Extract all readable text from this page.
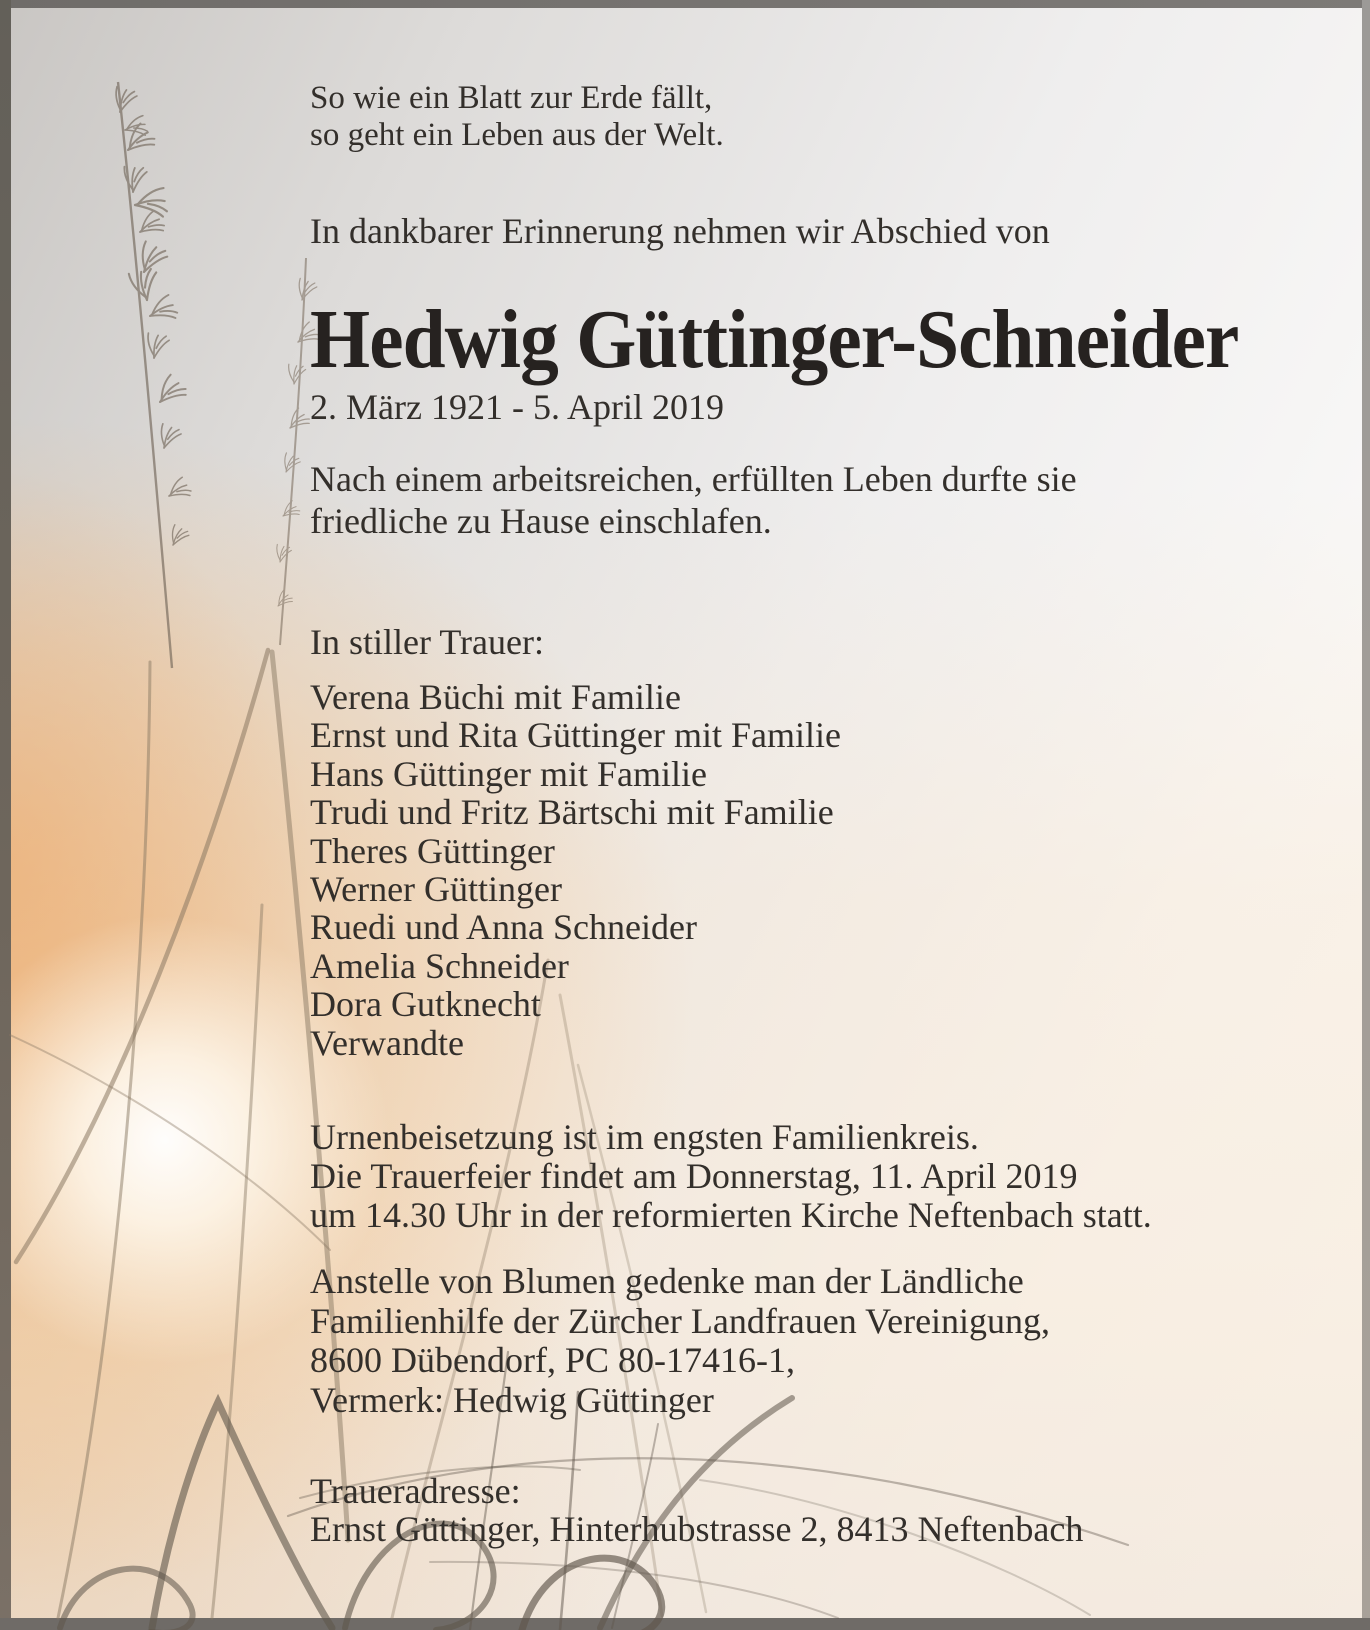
So wie ein Blatt zur Erde fällt,
so geht ein Leben aus der Welt.
In dankbarer Erinnerung nehmen wir Abschied von
Hedwig Güttinger-Schneider
2. März 1921 - 5. April 2019
Nach einem arbeitsreichen, erfüllten Leben durfte sie
friedliche zu Hause einschlafen.
In stiller Trauer:
Verena Büchi mit Familie
Ernst und Rita Güttinger mit Familie
Hans Güttinger mit Familie
Trudi und Fritz Bärtschi mit Familie
Theres Güttinger
Werner Güttinger
Ruedi und Anna Schneider
Amelia Schneider
Dora Gutknecht
Verwandte
Urnenbeisetzung ist im engsten Familienkreis.
Die Trauerfeier findet am Donnerstag, 11. April 2019
um 14.30 Uhr in der reformierten Kirche Neftenbach statt.
Anstelle von Blumen gedenke man der Ländliche
Familienhilfe der Zürcher Landfrauen Vereinigung,
8600 Dübendorf, PC 80-17416-1,
Vermerk: Hedwig Güttinger
Traueradresse:
Ernst Güttinger, Hinterhubstrasse 2, 8413 Neftenbach
